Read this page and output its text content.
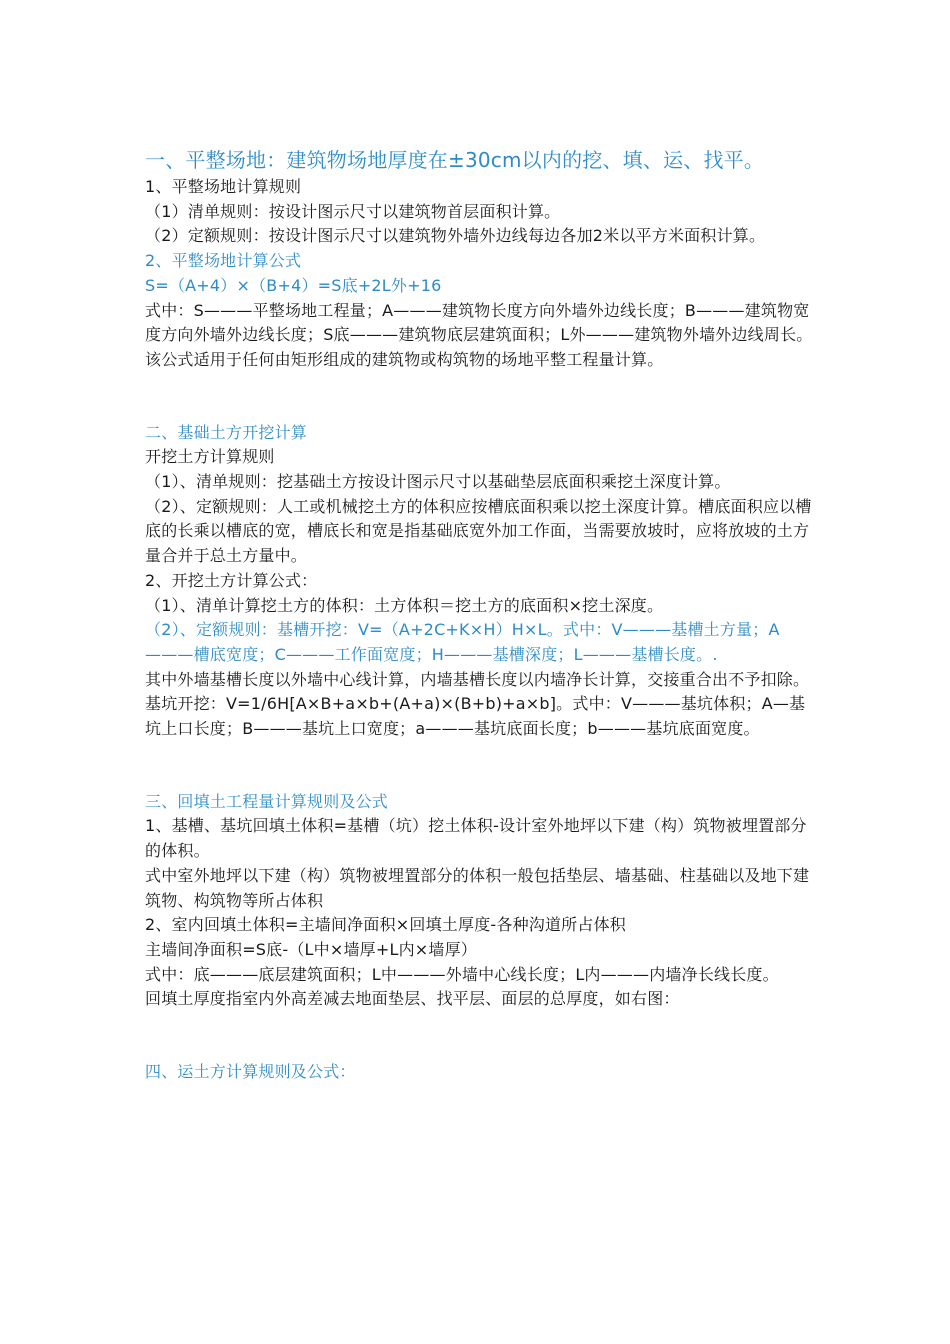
一、平整场地：建筑物场地厚度在±30cm以内的挖、填、运、找平。

1、平整场地计算规则

（1）清单规则：按设计图示尺寸以建筑物首层面积计算。

（2）定额规则：按设计图示尺寸以建筑物外墙外边线每边各加2米以平方米面积计算。

2、平整场地计算公式

S=（A+4）×（B+4）=S底+2L外+16

式中：S———平整场地工程量；A———建筑物长度方向外墙外边线长度；B———建筑物宽度方向外墙外边线长度；S底———建筑物底层建筑面积；L外———建筑物外墙外边线周长。

该公式适用于任何由矩形组成的建筑物或构筑物的场地平整工程量计算。

二、基础土方开挖计算

开挖土方计算规则

（1）、清单规则：挖基础土方按设计图示尺寸以基础垫层底面积乘挖土深度计算。

（2）、定额规则：人工或机械挖土方的体积应按槽底面积乘以挖土深度计算。槽底面积应以槽底的长乘以槽底的宽，槽底长和宽是指基础底宽外加工作面，当需要放坡时，应将放坡的土方量合并于总土方量中。

2、开挖土方计算公式：

（1）、清单计算挖土方的体积：土方体积＝挖土方的底面积×挖土深度。

（2）、定额规则：基槽开挖：V=（A+2C+K×H）H×L。式中：V———基槽土方量；A———槽底宽度；C———工作面宽度；H———基槽深度；L———基槽长度。.

其中外墙基槽长度以外墙中心线计算，内墙基槽长度以内墙净长计算，交接重合出不予扣除。

基坑开挖：V=1/6H[A×B+a×b+(A+a)×(B+b)+a×b]。式中：V———基坑体积；A—基坑上口长度；B———基坑上口宽度；a———基坑底面长度；b———基坑底面宽度。

三、回填土工程量计算规则及公式

1、基槽、基坑回填土体积=基槽（坑）挖土体积-设计室外地坪以下建（构）筑物被埋置部分的体积。

式中室外地坪以下建（构）筑物被埋置部分的体积一般包括垫层、墙基础、柱基础以及地下建筑物、构筑物等所占体积

2、室内回填土体积=主墙间净面积×回填土厚度-各种沟道所占体积

主墙间净面积=S底-（L中×墙厚+L内×墙厚）

式中：底———底层建筑面积；L中———外墙中心线长度；L内———内墙净长线长度。

回填土厚度指室内外高差减去地面垫层、找平层、面层的总厚度，如右图：

四、运土方计算规则及公式：
